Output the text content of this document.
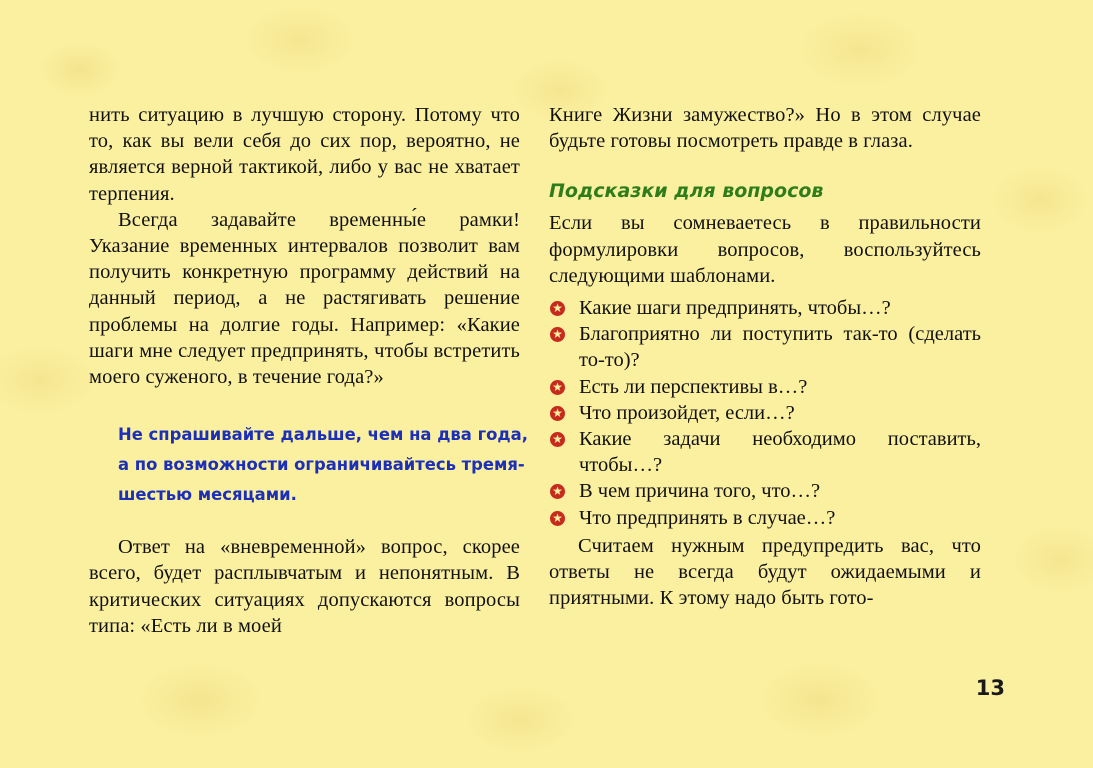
нить ситуацию в лучшую сторону. Потому что то, как вы вели себя до сих пор, вероятно, не является верной тактикой, либо у вас не хватает терпения.

Всегда задавайте временны́е рамки! Указание временных интервалов позволит вам получить конкретную программу действий на данный период, а не растягивать решение проблемы на долгие годы. Например: «Какие шаги мне следует предпринять, чтобы встретить моего суженого, в течение года?»

Не спрашивайте дальше, чем на два года,
а по возможности ограничивайтесь тремя-
шестью месяцами.

Ответ на «вневременной» вопрос, скорее всего, будет расплывчатым и непонятным. В критических ситуациях допускаются вопросы типа: «Есть ли в моей

Книге Жизни замужество?» Но в этом случае будьте готовы посмотреть правде в глаза.

Подсказки для вопросов

Если вы сомневаетесь в правильности формулировки вопросов, воспользуйтесь следующими шаблонами.

★
Какие шаги предпринять, чтобы…?
★
Благоприятно ли поступить так-то (сделать то-то)?
★
Есть ли перспективы в…?
★
Что произойдет, если…?
★
Какие задачи необходимо поставить, чтобы…?
★
В чем причина того, что…?
★
Что предпринять в случае…?

Считаем нужным предупредить вас, что ответы не всегда будут ожидаемыми и приятными. К этому надо быть гото-

13
